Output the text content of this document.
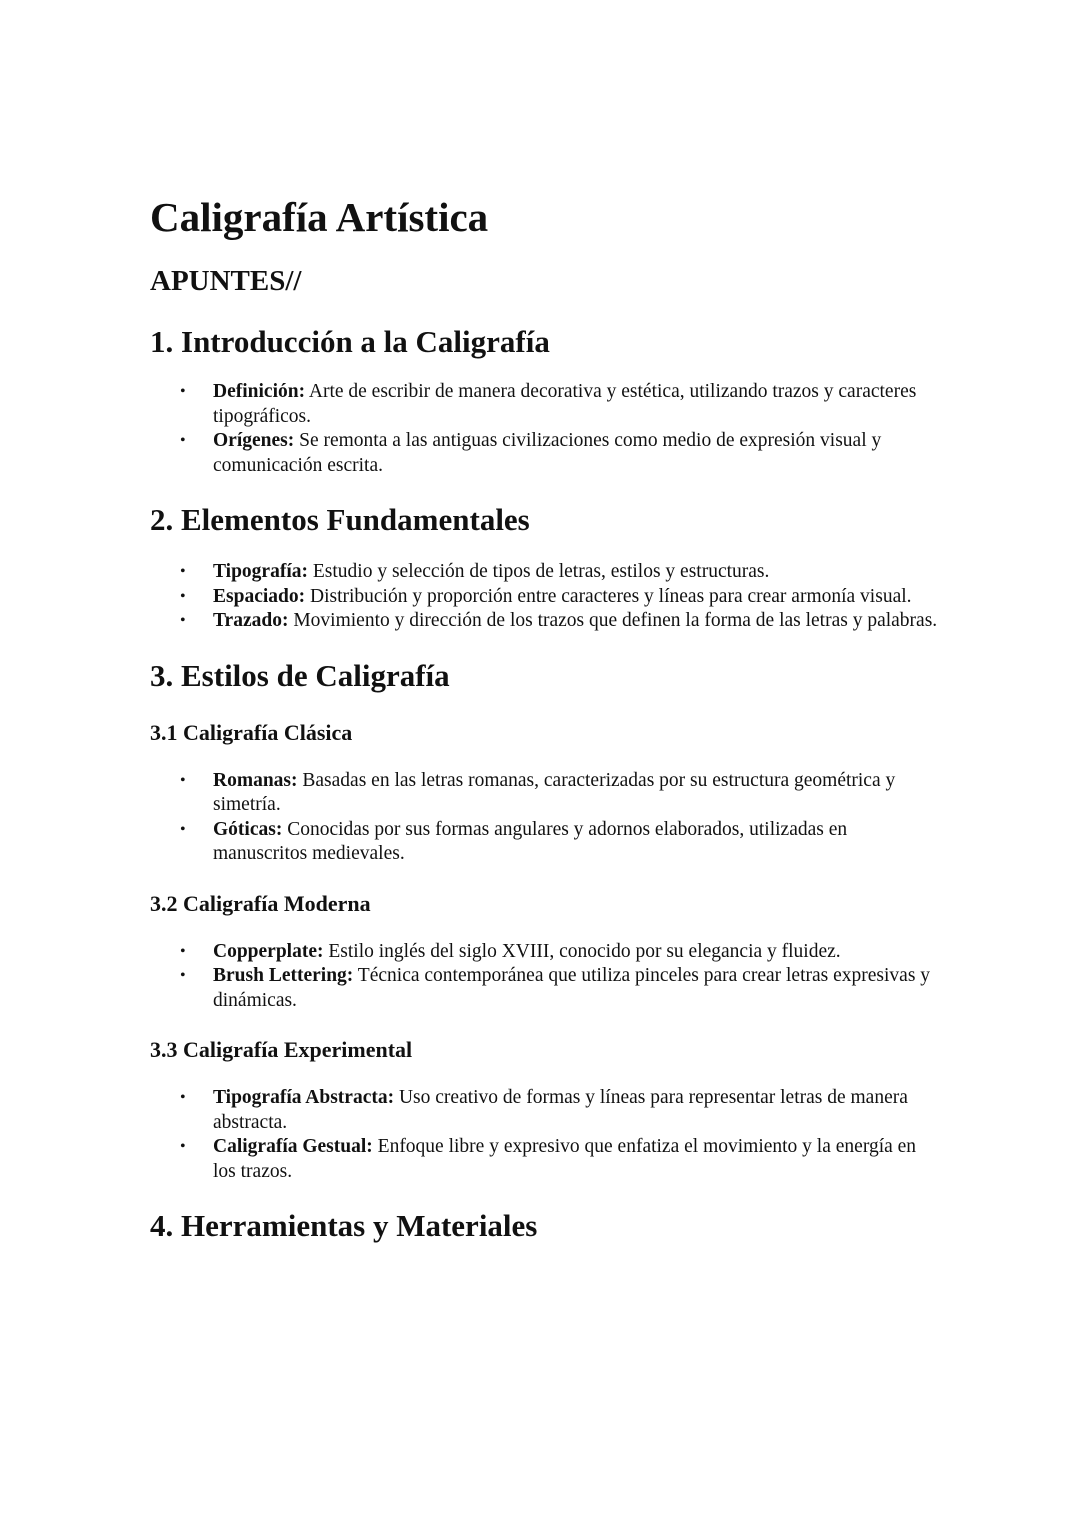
Caligrafía Artística
APUNTES//
1. Introducción a la Caligrafía
• Definición: Arte de escribir de manera decorativa y estética, utilizando trazos y caracteres tipográficos.
• Orígenes: Se remonta a las antiguas civilizaciones como medio de expresión visual y comunicación escrita.
2. Elementos Fundamentales
• Tipografía: Estudio y selección de tipos de letras, estilos y estructuras.
• Espaciado: Distribución y proporción entre caracteres y líneas para crear armonía visual.
• Trazado: Movimiento y dirección de los trazos que definen la forma de las letras y palabras.
3. Estilos de Caligrafía
3.1 Caligrafía Clásica
• Romanas: Basadas en las letras romanas, caracterizadas por su estructura geométrica y simetría.
• Góticas: Conocidas por sus formas angulares y adornos elaborados, utilizadas en manuscritos medievales.
3.2 Caligrafía Moderna
• Copperplate: Estilo inglés del siglo XVIII, conocido por su elegancia y fluidez.
• Brush Lettering: Técnica contemporánea que utiliza pinceles para crear letras expresivas y dinámicas.
3.3 Caligrafía Experimental
• Tipografía Abstracta: Uso creativo de formas y líneas para representar letras de manera abstracta.
• Caligrafía Gestual: Enfoque libre y expresivo que enfatiza el movimiento y la energía en los trazos.
4. Herramientas y Materiales
